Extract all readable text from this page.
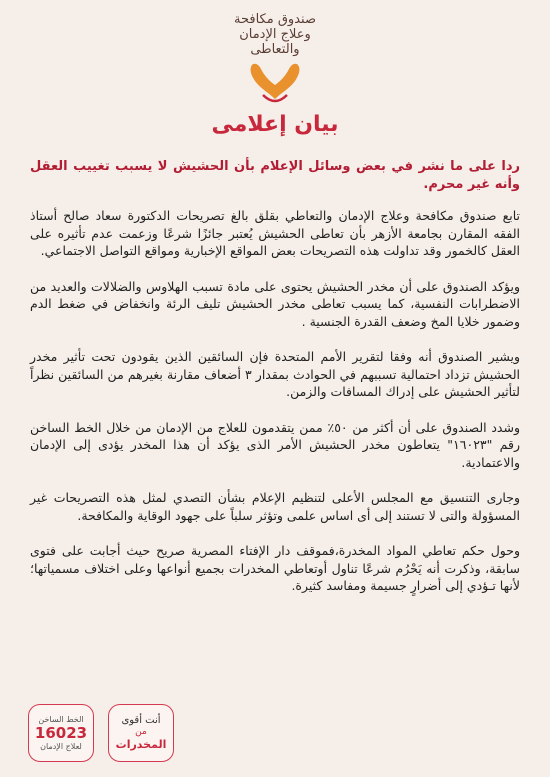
صندوق مكافحة
وعلاج الإدمان
والتعاطى
بيان إعلامى

ردا على ما نشر في بعض وسائل الإعلام بأن الحشيش لا يسبب تغييب العقل وأنه غير محرم.

تابع صندوق مكافحة وعلاج الإدمان والتعاطي بقلق بالغ تصريحات الدكتورة سعاد صالح أستاذ الفقه المقارن بجامعة الأزهر بأن تعاطى الحشيش يُعتبر جائزًا شرعًا وزعمت عدم تأثيره على العقل كالخمور وقد تداولت هذه التصريحات بعض المواقع الإخبارية ومواقع التواصل الاجتماعي.

ويؤكد الصندوق على أن مخدر الحشيش يحتوى على مادة تسبب الهلاوس والضلالات والعديد من الاضطرابات النفسية، كما يسبب تعاطى مخدر الحشيش تليف الرئة وانخفاض في ضغط الدم وضمور خلايا المخ وضعف القدرة الجنسية .

ويشير الصندوق أنه وفقا لتقرير الأمم المتحدة فإن السائقين الذين يقودون تحت تأثير مخدر الحشيش تزداد احتمالية تسببهم في الحوادث بمقدار ٣ أضعاف مقارنة بغيرهم من السائقين نظراً لتأثير الحشيش على إدراك المسافات والزمن.

وشدد الصندوق على أن أكثر من ٥٠٪ ممن يتقدمون للعلاج من الإدمان من خلال الخط الساخن رقم "١٦٠٢٣" يتعاطون مخدر الحشيش الأمر الذى يؤكد أن هذا المخدر يؤدى إلى الإدمان والاعتمادية.

وجارى التنسيق مع المجلس الأعلى لتنظيم الإعلام بشأن التصدي لمثل هذه التصريحات غير المسؤولة والتى لا تستند إلى أى اساس علمى وتؤثر سلباً على جهود الوقاية والمكافحة.

وحول حكم تعاطي المواد المخدرة،فموقف دار الإفتاء المصرية صريح حيث أجابت على فتوى سابقة، وذكرت أنه يَحْرُم شرعًا تناول أوتعاطي المخدرات بجميع أنواعها وعلى اختلاف مسمياتها؛ لأنها تـؤدي إلى أضرارٍ جسيمة ومفاسد كثيرة.

الخط الساخن
16023
لعلاج الإدمان
أنت أقوى
من
المخدرات
